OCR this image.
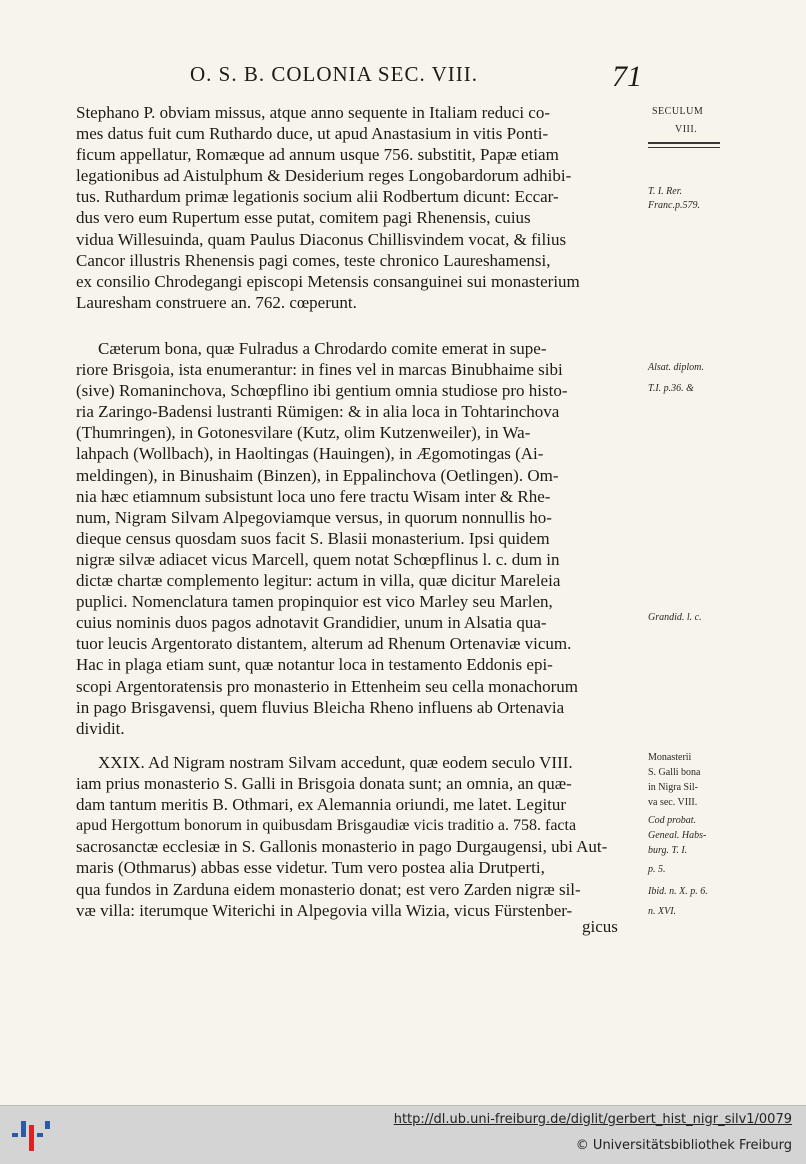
O. S. B. COLONIA SEC. VIII.	71

Stephano P. obviam missus, atque anno sequente in Italiam reduci co-
mes datus fuit cum Ruthardo duce, ut apud Anastasium in vitis Ponti-
ficum appellatur, Romæque ad annum usque 756. substitit, Papæ etiam
legationibus ad Aistulphum & Desiderium reges Longobardorum adhibi-
tus. Ruthardum primæ legationis socium alii Rodbertum dicunt: Eccar-
dus vero eum Rupertum esse putat, comitem pagi Rhenensis, cuius
vidua Willesuinda, quam Paulus Diaconus Chillisvindem vocat, & filius
Cancor illustris Rhenensis pagi comes, teste chronico Laureshamensi,
ex consilio Chrodegangi episcopi Metensis consanguinei sui monasterium
Lauresham construere an. 762. cœperunt.

Cæterum bona, quæ Fulradus a Chrodardo comite emerat in supe-
riore Brisgoia, ista enumerantur: in fines vel in marcas Binubhaime sibi
(sive) Romaninchova, Schœpflino ibi gentium omnia studiose pro histo-
ria Zaringo-Badensi lustranti Rümigen: & in alia loca in Tohtarinchova
(Thumringen), in Gotonesvilare (Kutz, olim Kutzenweiler), in Wa-
lahpach (Wollbach), in Haoltingas (Hauingen), in Ægomotingas (Ai-
meldingen), in Binushaim (Binzen), in Eppalinchova (Oetlingen). Om-
nia hæc etiamnum subsistunt loca uno fere tractu Wisam inter & Rhe-
num, Nigram Silvam Alpegoviamque versus, in quorum nonnullis ho-
dieque census quosdam suos facit S. Blasii monasterium. Ipsi quidem
nigræ silvæ adiacet vicus Marcell, quem notat Schœpflinus l. c. dum in
dictæ chartæ complemento legitur: actum in villa, quæ dicitur Mareleia
puplici. Nomenclatura tamen propinquior est vico Marley seu Marlen,
cuius nominis duos pagos adnotavit Grandidier, unum in Alsatia qua-
tuor leucis Argentorato distantem, alterum ad Rhenum Ortenaviæ vicum.
Hac in plaga etiam sunt, quæ notantur loca in testamento Eddonis epi-
scopi Argentoratensis pro monasterio in Ettenheim seu cella monachorum
in pago Brisgavensi, quem fluvius Bleicha Rheno influens ab Ortenavia
dividit.

XXIX. Ad Nigram nostram Silvam accedunt, quæ eodem seculo VIII.
iam prius monasterio S. Galli in Brisgoia donata sunt; an omnia, an quæ-
dam tantum meritis B. Othmari, ex Alemannia oriundi, me latet. Legitur
apud Hergottum bonorum in quibusdam Brisgaudiæ vicis traditio a. 758. facta
sacrosanctæ ecclesiæ in S. Gallonis monasterio in pago Durgaugensi, ubi Aut-
maris (Othmarus) abbas esse videtur. Tum vero postea alia Drutperti,
qua fundos in Zarduna eidem monasterio donat; est vero Zarden nigræ sil-
væ villa: iterumque Witerichi in Alpegovia villa Wizia, vicus Fürstenber-

gicus
SECULUM
VIII.
T. I. Rer.
Franc.p.579.
Alsat. diplom.
T.I. p.36. &
Grandid. l. c.
Monasterii
S. Galli bona
in Nigra Sil-
va sec. VIII.
Cod probat.
Geneal. Habs-
burg. T. I.
p. 5.
Ibid. n. X. p. 6.
n. XVI.
http://dl.ub.uni-freiburg.de/diglit/gerbert_hist_nigr_silv1/0079
© Universitätsbibliothek Freiburg
